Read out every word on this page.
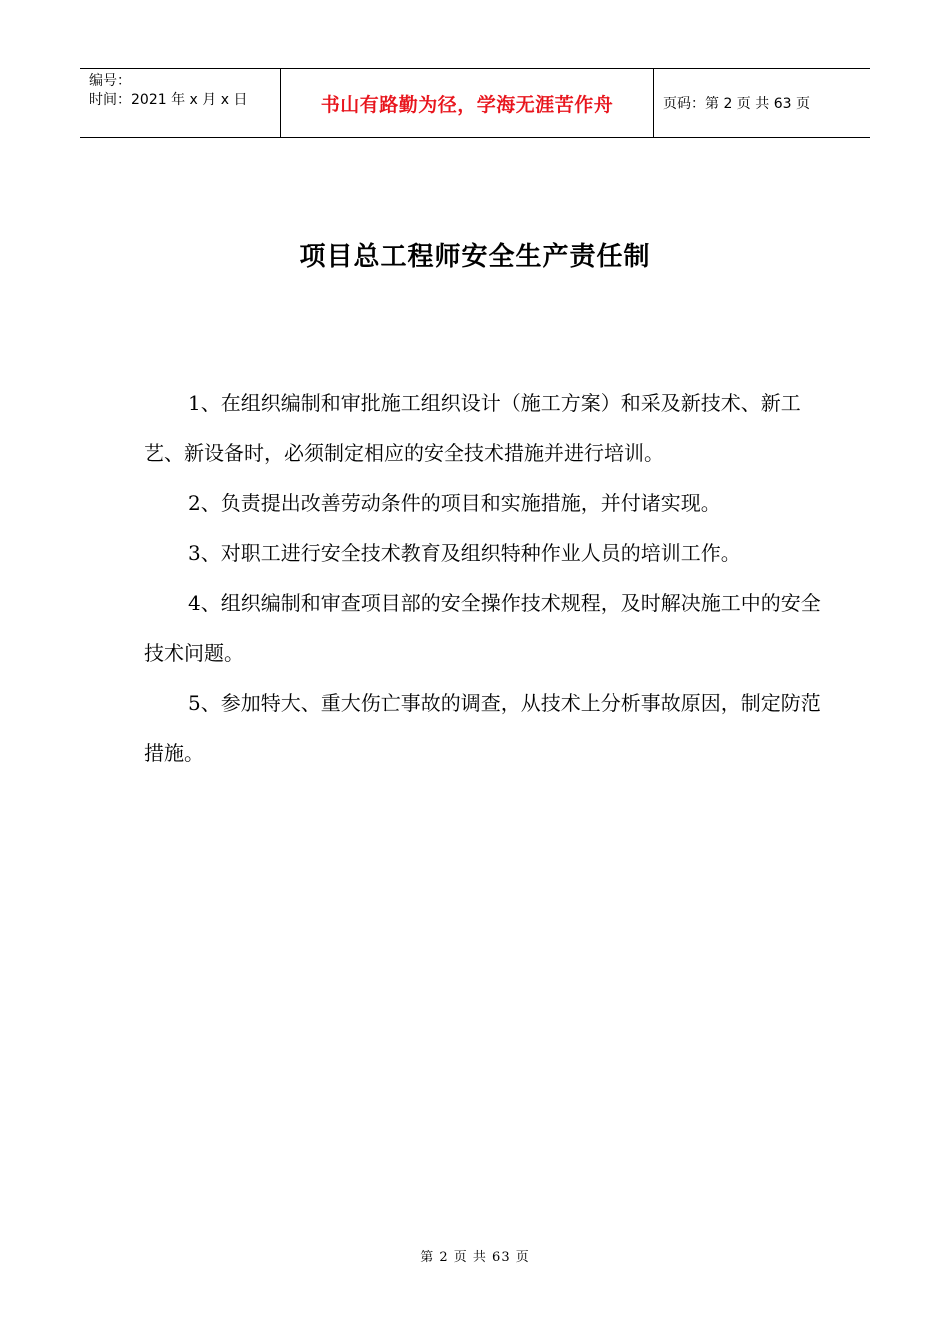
编号：
时间：2021 年 x 月 x 日	书山有路勤为径，学海无涯苦作舟	页码：第 2 页 共 63 页
项目总工程师安全生产责任制

1、在组织编制和审批施工组织设计（施工方案）和采及新技术、新工艺、新设备时，必须制定相应的安全技术措施并进行培训。

2、负责提出改善劳动条件的项目和实施措施，并付诸实现。

3、对职工进行安全技术教育及组织特种作业人员的培训工作。

4、组织编制和审查项目部的安全操作技术规程，及时解决施工中的安全技术问题。

5、参加特大、重大伤亡事故的调查，从技术上分析事故原因，制定防范措施。

第 2 页 共 63 页
